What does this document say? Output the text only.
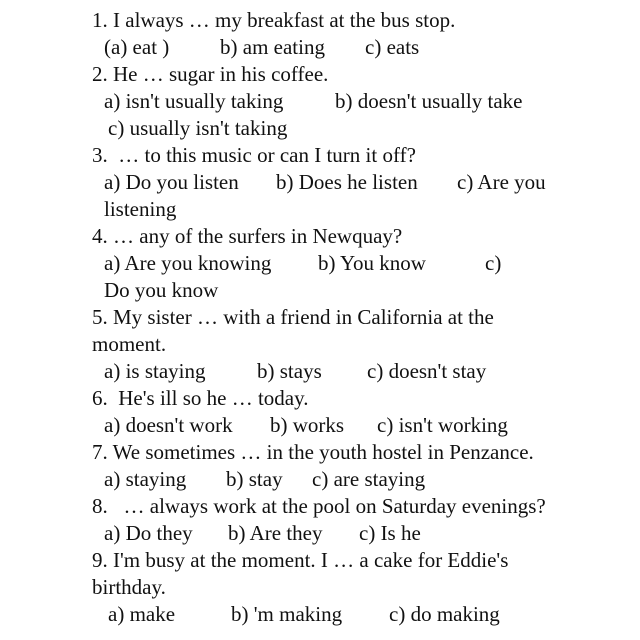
1. I always … my breakfast at the bus stop.
(a) eat ) b) am eating c) eats
2. He … sugar in his coffee.
a) isn't usually taking b) doesn't usually take
c) usually isn't taking
3.  … to this music or can I turn it off?
a) Do you listen b) Does he listen c) Are you
listening
4. … any of the surfers in Newquay?
a) Are you knowing b) You know	c)
Do you know
5. My sister … with a friend in California at the
moment.
a) is staying b) stays c) doesn't stay
6.  He's ill so he … today.
a) doesn't work b) works c) isn't working
7. We sometimes … in the youth hostel in Penzance.
a) staying b) stay c) are staying
8.   … always work at the pool on Saturday evenings?
a) Do they b) Are they c) Is he
9. I'm busy at the moment. I … a cake for Eddie's
birthday.
a) make	b) 'm making c) do making
